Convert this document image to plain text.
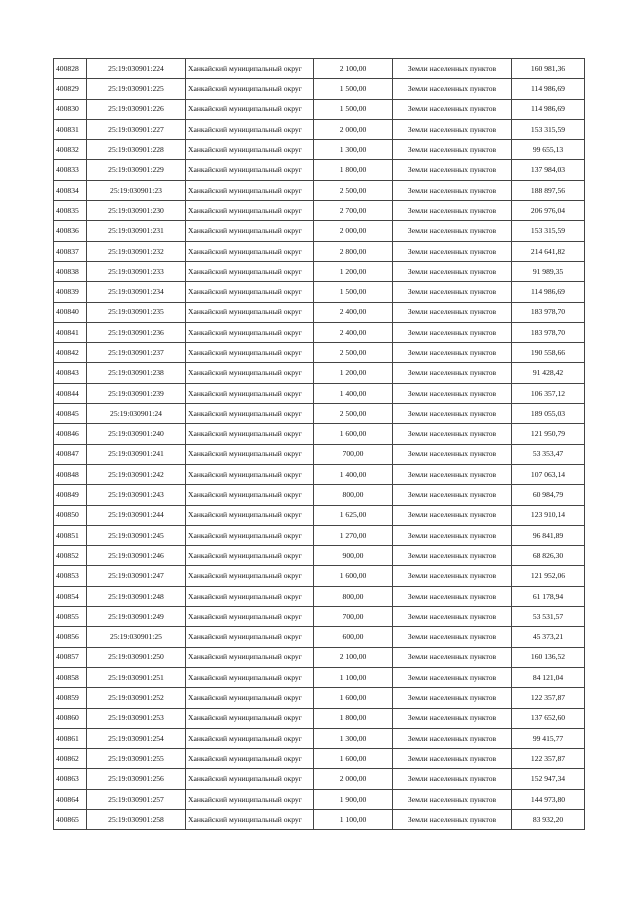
400828	25:19:030901:224	Ханкайский муниципальный округ	2 100,00	Земли населенных пунктов	160 981,36
400829	25:19:030901:225	Ханкайский муниципальный округ	1 500,00	Земли населенных пунктов	114 986,69
400830	25:19:030901:226	Ханкайский муниципальный округ	1 500,00	Земли населенных пунктов	114 986,69
400831	25:19:030901:227	Ханкайский муниципальный округ	2 000,00	Земли населенных пунктов	153 315,59
400832	25:19:030901:228	Ханкайский муниципальный округ	1 300,00	Земли населенных пунктов	99 655,13
400833	25:19:030901:229	Ханкайский муниципальный округ	1 800,00	Земли населенных пунктов	137 984,03
400834	25:19:030901:23	Ханкайский муниципальный округ	2 500,00	Земли населенных пунктов	188 897,56
400835	25:19:030901:230	Ханкайский муниципальный округ	2 700,00	Земли населенных пунктов	206 976,04
400836	25:19:030901:231	Ханкайский муниципальный округ	2 000,00	Земли населенных пунктов	153 315,59
400837	25:19:030901:232	Ханкайский муниципальный округ	2 800,00	Земли населенных пунктов	214 641,82
400838	25:19:030901:233	Ханкайский муниципальный округ	1 200,00	Земли населенных пунктов	91 989,35
400839	25:19:030901:234	Ханкайский муниципальный округ	1 500,00	Земли населенных пунктов	114 986,69
400840	25:19:030901:235	Ханкайский муниципальный округ	2 400,00	Земли населенных пунктов	183 978,70
400841	25:19:030901:236	Ханкайский муниципальный округ	2 400,00	Земли населенных пунктов	183 978,70
400842	25:19:030901:237	Ханкайский муниципальный округ	2 500,00	Земли населенных пунктов	190 558,66
400843	25:19:030901:238	Ханкайский муниципальный округ	1 200,00	Земли населенных пунктов	91 428,42
400844	25:19:030901:239	Ханкайский муниципальный округ	1 400,00	Земли населенных пунктов	106 357,12
400845	25:19:030901:24	Ханкайский муниципальный округ	2 500,00	Земли населенных пунктов	189 055,03
400846	25:19:030901:240	Ханкайский муниципальный округ	1 600,00	Земли населенных пунктов	121 950,79
400847	25:19:030901:241	Ханкайский муниципальный округ	700,00	Земли населенных пунктов	53 353,47
400848	25:19:030901:242	Ханкайский муниципальный округ	1 400,00	Земли населенных пунктов	107 063,14
400849	25:19:030901:243	Ханкайский муниципальный округ	800,00	Земли населенных пунктов	60 984,79
400850	25:19:030901:244	Ханкайский муниципальный округ	1 625,00	Земли населенных пунктов	123 910,14
400851	25:19:030901:245	Ханкайский муниципальный округ	1 270,00	Земли населенных пунктов	96 841,89
400852	25:19:030901:246	Ханкайский муниципальный округ	900,00	Земли населенных пунктов	68 826,30
400853	25:19:030901:247	Ханкайский муниципальный округ	1 600,00	Земли населенных пунктов	121 952,06
400854	25:19:030901:248	Ханкайский муниципальный округ	800,00	Земли населенных пунктов	61 178,94
400855	25:19:030901:249	Ханкайский муниципальный округ	700,00	Земли населенных пунктов	53 531,57
400856	25:19:030901:25	Ханкайский муниципальный округ	600,00	Земли населенных пунктов	45 373,21
400857	25:19:030901:250	Ханкайский муниципальный округ	2 100,00	Земли населенных пунктов	160 136,52
400858	25:19:030901:251	Ханкайский муниципальный округ	1 100,00	Земли населенных пунктов	84 121,04
400859	25:19:030901:252	Ханкайский муниципальный округ	1 600,00	Земли населенных пунктов	122 357,87
400860	25:19:030901:253	Ханкайский муниципальный округ	1 800,00	Земли населенных пунктов	137 652,60
400861	25:19:030901:254	Ханкайский муниципальный округ	1 300,00	Земли населенных пунктов	99 415,77
400862	25:19:030901:255	Ханкайский муниципальный округ	1 600,00	Земли населенных пунктов	122 357,87
400863	25:19:030901:256	Ханкайский муниципальный округ	2 000,00	Земли населенных пунктов	152 947,34
400864	25:19:030901:257	Ханкайский муниципальный округ	1 900,00	Земли населенных пунктов	144 973,80
400865	25:19:030901:258	Ханкайский муниципальный округ	1 100,00	Земли населенных пунктов	83 932,20
